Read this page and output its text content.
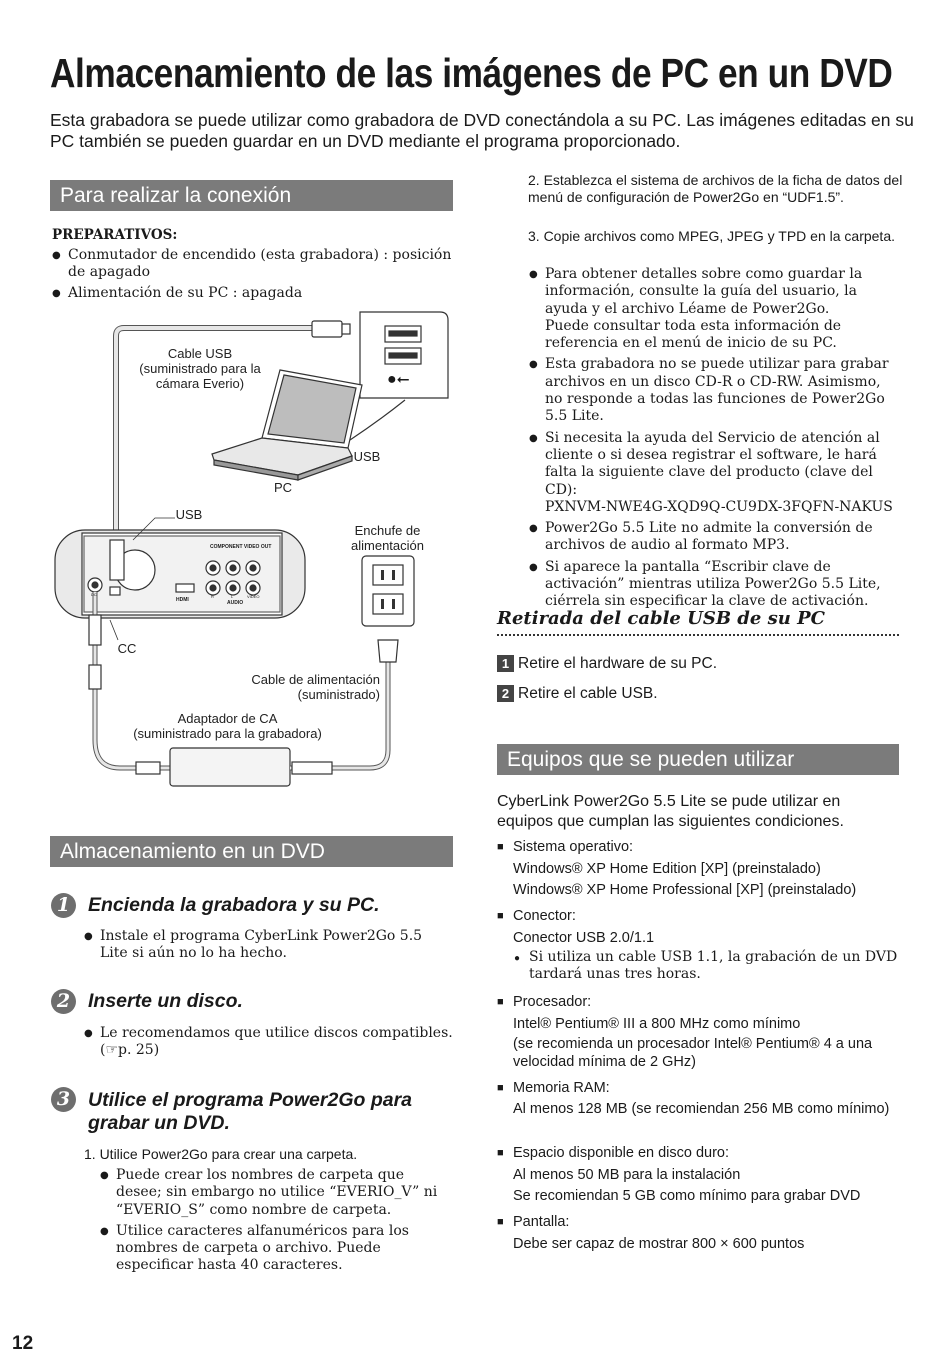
Almacenamiento de las imágenes de PC en un DVD
Esta grabadora se puede utilizar como grabadora de DVD conectándola a su PC. Las imágenes editadas en su PC también se pueden guardar en un DVD mediante el programa proporcionado.
Para realizar la conexión
PREPARATIVOS:
● Conmutador de encendido (esta grabadora) : posición de apagado
● Alimentación de su PC : apagada
Cable USB
(suministrado para la
cámara Everio)
PC
USB
USB
Enchufe de
alimentación
CC
Cable de alimentación
(suministrado)
Adaptador de CA
(suministrado para la grabadora)
COMPONENT VIDEO OUT
HDMI	AUDIO
VIDEO
R	L
DC
●⭠
Almacenamiento en un DVD
1 Encienda la grabadora y su PC.
● Instale el programa CyberLink Power2Go 5.5 Lite si aún no lo ha hecho.
2 Inserte un disco.
● Le recomendamos que utilice discos compatibles. (☞p. 25)
3 Utilice el programa Power2Go para
grabar un DVD.
1. Utilice Power2Go para crear una carpeta.
● Puede crear los nombres de carpeta que desee; sin embargo no utilice “EVERIO_V” ni “EVERIO_S” como nombre de carpeta.
● Utilice caracteres alfanuméricos para los nombres de carpeta o archivo. Puede especificar hasta 40 caracteres.
12
2. Establezca el sistema de archivos de la ficha de datos del menú de configuración de Power2Go en “UDF1.5”.
3. Copie archivos como MPEG, JPEG y TPD en la carpeta.
● Para obtener detalles sobre como guardar la información, consulte la guía del usuario, la ayuda y el archivo Léame de Power2Go.
Puede consultar toda esta información de referencia en el menú de inicio de su PC.
● Esta grabadora no se puede utilizar para grabar archivos en un disco CD-R o CD-RW. Asimismo, no responde a todas las funciones de Power2Go 5.5 Lite.
● Si necesita la ayuda del Servicio de atención al cliente o si desea registrar el software, le hará falta la siguiente clave del producto (clave del CD):
PXNVM-NWE4G-XQD9Q-CU9DX-3FQFN-NAKUS
● Power2Go 5.5 Lite no admite la conversión de archivos de audio al formato MP3.
● Si aparece la pantalla “Escribir clave de activación” mientras utiliza Power2Go 5.5 Lite, ciérrela sin especificar la clave de activación.
Retirada del cable USB de su PC
1 Retire el hardware de su PC.
2 Retire el cable USB.
Equipos que se pueden utilizar
CyberLink Power2Go 5.5 Lite se pude utilizar en equipos que cumplan las siguientes condiciones.
■ Sistema operativo:
Windows® XP Home Edition [XP] (preinstalado)
Windows® XP Home Professional [XP] (preinstalado)
■ Conector:
Conector USB 2.0/1.1
Si utiliza un cable USB 1.1, la grabación de un DVD tardará unas tres horas.
●
■ Procesador:
Intel® Pentium® III a 800 MHz como mínimo
(se recomienda un procesador Intel® Pentium® 4 a una velocidad mínima de 2 GHz)
■ Memoria RAM:
Al menos 128 MB (se recomiendan 256 MB como mínimo)
■ Espacio disponible en disco duro:
Al menos 50 MB para la instalación
Se recomiendan 5 GB como mínimo para grabar DVD
■ Pantalla:
Debe ser capaz de mostrar 800 × 600 puntos
